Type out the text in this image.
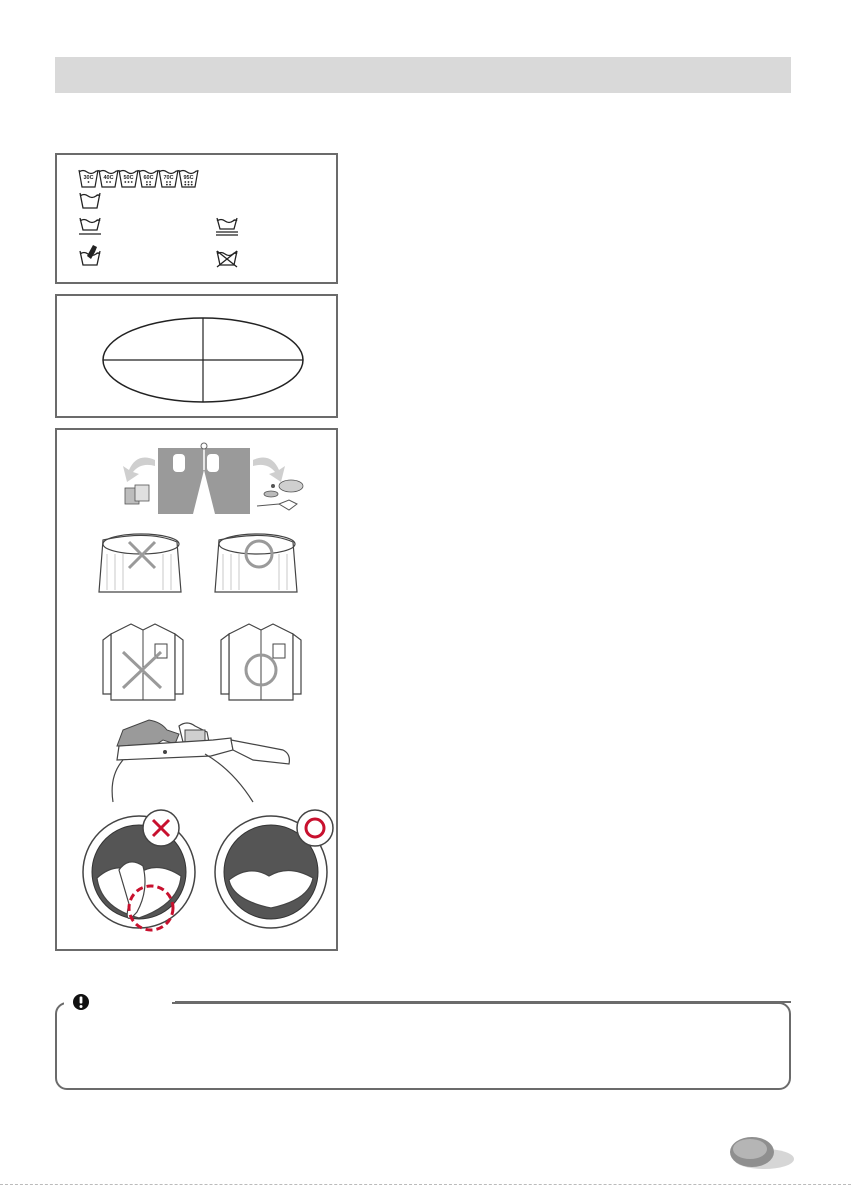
30C 40C 50C 60C 70C 95C
